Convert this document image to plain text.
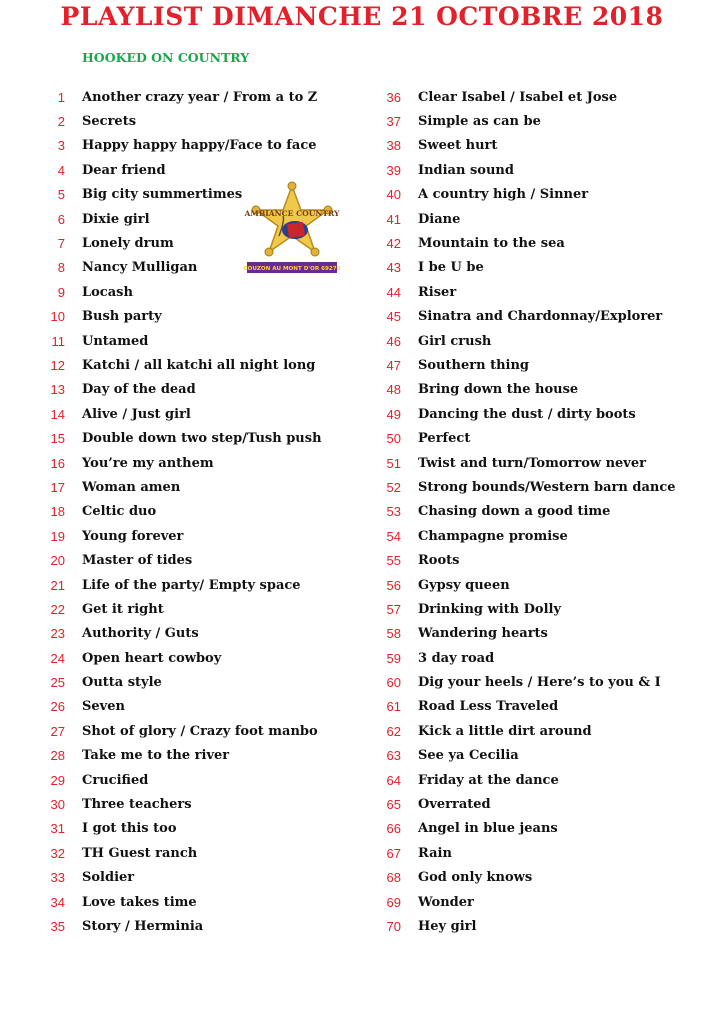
PLAYLIST DIMANCHE 21 OCTOBRE 2018
HOOKED ON COUNTRY
1 Another crazy year / From a to Z
2 Secrets
3 Happy happy happy/Face to face
4 Dear friend
5 Big city summertimes
6 Dixie girl
7 Lonely drum
8 Nancy Mulligan
9 Locash
10 Bush party
11 Untamed
12 Katchi / all katchi all night long
13 Day of the dead
14 Alive / Just girl
15 Double down two step/Tush push
16 You’re my anthem
17 Woman amen
18 Celtic duo
19 Young forever
20 Master of tides
21 Life of the party/ Empty space
22 Get it right
23 Authority / Guts
24 Open heart cowboy
25 Outta style
26 Seven
27 Shot of glory / Crazy foot manbo
28 Take me to the river
29 Crucified
30 Three teachers
31 I got this too
32 TH Guest ranch
33 Soldier
34 Love takes time
35 Story / Herminia
36 Clear Isabel / Isabel et Jose
37 Simple as can be
38 Sweet hurt
39 Indian sound
40 A country high / Sinner
41 Diane
42 Mountain to the sea
43 I be U be
44 Riser
45 Sinatra and Chardonnay/Explorer
46 Girl crush
47 Southern thing
48 Bring down the house
49 Dancing the dust / dirty boots
50 Perfect
51 Twist and turn/Tomorrow never
52 Strong bounds/Western barn dance
53 Chasing down a good time
54 Champagne promise
55 Roots
56 Gypsy queen
57 Drinking with Dolly
58 Wandering hearts
59 3 day road
60 Dig your heels / Here’s to you & I
61 Road Less Traveled
62 Kick a little dirt around
63 See ya Cecilia
64 Friday at the dance
65 Overrated
66 Angel in blue jeans
67 Rain
68 God only knows
69 Wonder
70 Hey girl
AMBIANCE COUNTRY
COUZON AU MONT D'OR 69270
